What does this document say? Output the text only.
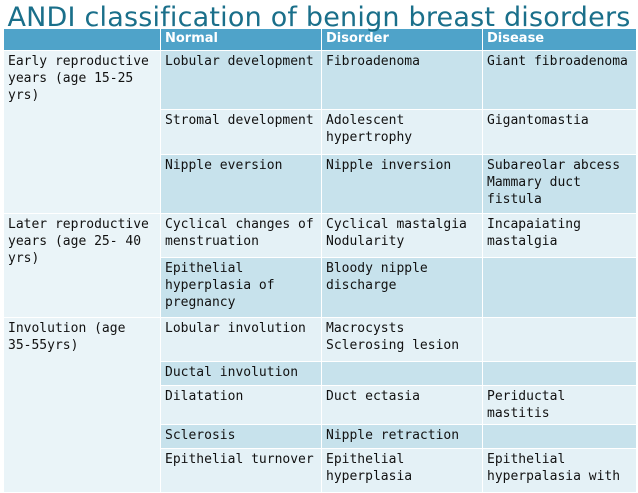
ANDI classification of benign breast disorders
	Normal	Disorder	Disease
Early reproductive years (age 15-25 yrs)	Lobular development	Fibroadenoma	Giant fibroadenoma
	Stromal development	Adolescent hypertrophy	Gigantomastia
	Nipple eversion	Nipple inversion	Subareolar abcess Mammary duct fistula
Later reproductive years (age 25- 40 yrs)	Cyclical changes of menstruation	Cyclical mastalgia Nodularity	Incapaiating mastalgia
	Epithelial hyperplasia of pregnancy	Bloody nipple discharge	
Involution (age 35-55yrs)	Lobular involution	Macrocysts Sclerosing lesion	
	Ductal involution		
	Dilatation	Duct ectasia	Periductal mastitis
	Sclerosis	Nipple retraction	
	Epithelial turnover	Epithelial hyperplasia	Epithelial hyperpalasia with
